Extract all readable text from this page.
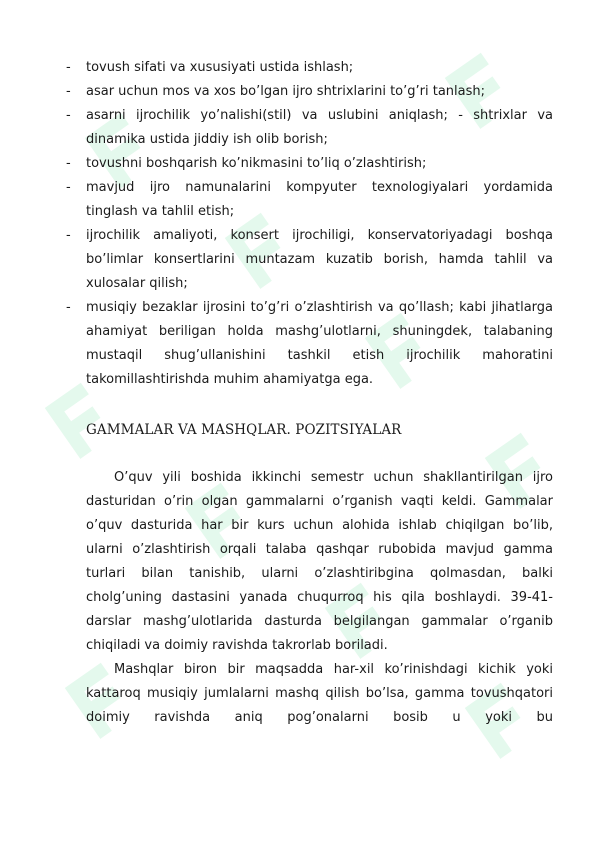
- tovush sifati va xususiyati ustida ishlash;
- asar uchun mos va xos bo’lgan ijro shtrixlarini to’g’ri tanlash;
- asarni ijrochilik yo’nalishi(stil) va uslubini aniqlash; - shtrixlar va dinamika ustida jiddiy ish olib borish;
- tovushni boshqarish ko’nikmasini to’liq o’zlashtirish;
- mavjud ijro namunalarini kompyuter texnologiyalari yordamida tinglash va tahlil etish;
- ijrochilik amaliyoti, konsert ijrochiligi, konservatoriyadagi boshqa bo’limlar konsertlarini muntazam kuzatib borish, hamda tahlil va xulosalar qilish;
- musiqiy bezaklar ijrosini to’g’ri o’zlashtirish va qo’llash; kabi jihatlarga ahamiyat beriligan holda mashg’ulotlarni, shuningdek, talabaning mustaqil shug’ullanishini tashkil etish ijrochilik mahoratini takomillashtirishda muhim ahamiyatga ega.
GAMMALAR VA MASHQLAR. POZITSIYALAR

O’quv yili boshida ikkinchi semestr uchun shakllantirilgan ijro dasturidan o’rin olgan gammalarni o’rganish vaqti keldi. Gammalar o’quv dasturida har bir kurs uchun alohida ishlab chiqilgan bo’lib, ularni o’zlashtirish orqali talaba qashqar rubobida mavjud gamma turlari bilan tanishib, ularni o’zlashtiribgina qolmasdan, balki cholg’uning dastasini yanada chuqurroq his qila boshlaydi. 39-41-darslar mashg’ulotlarida dasturda belgilangan gammalar o’rganib chiqiladi va doimiy ravishda takrorlab boriladi.

Mashqlar biron bir maqsadda har-xil ko’rinishdagi kichik yoki kattaroq musiqiy jumlalarni mashq qilish bo’lsa, gamma tovushqatori doimiy ravishda aniq pog’onalarni bosib u yoki bu
